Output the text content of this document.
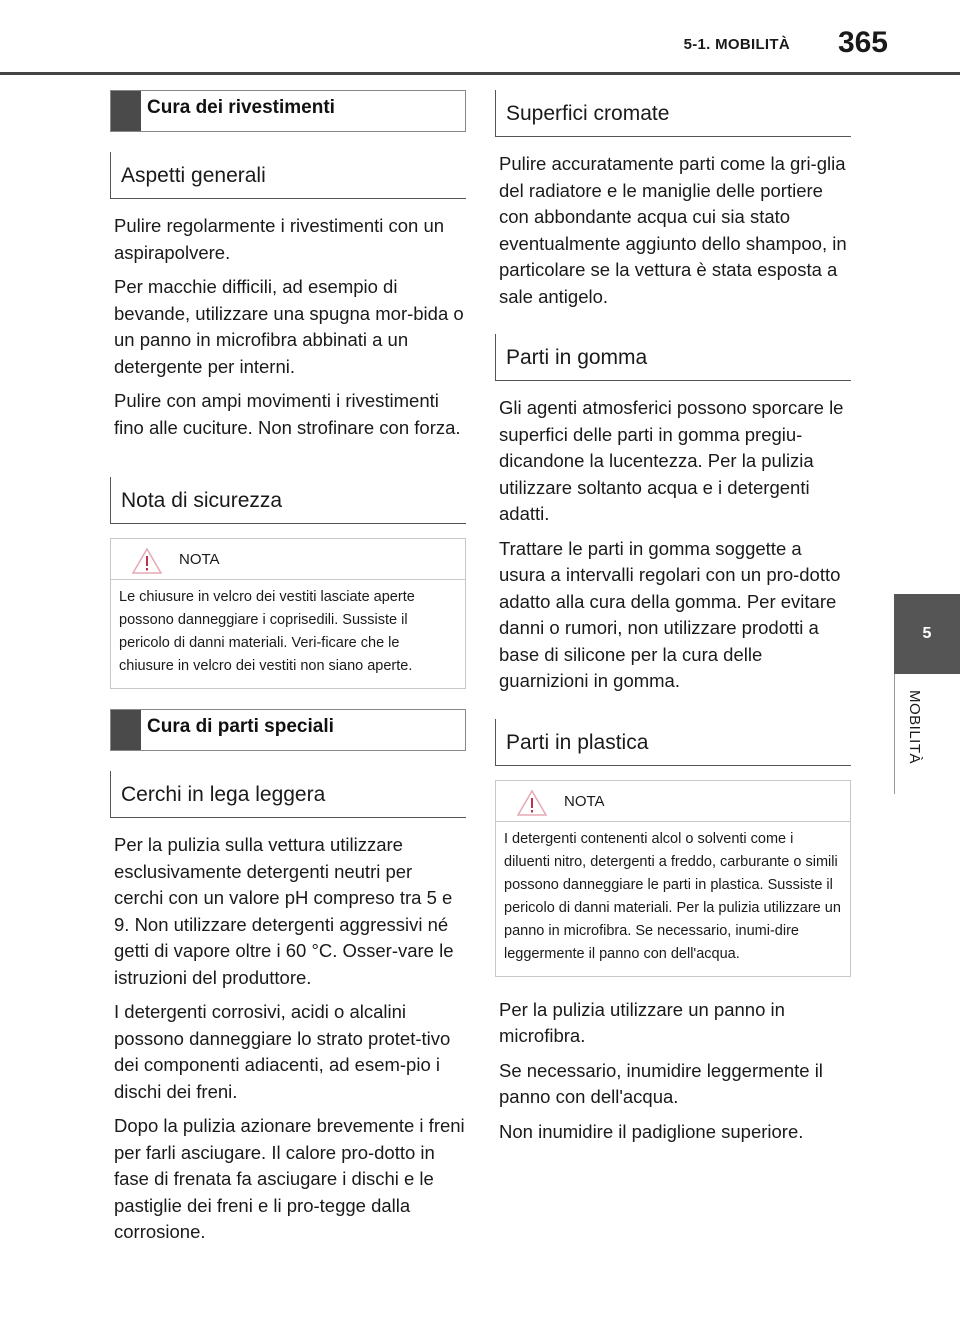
5-1. MOBILITÀ 365
5
MOBILITÀ
Cura dei rivestimenti
Aspetti generali

Pulire regolarmente i rivestimenti con un aspirapolvere.

Per macchie difficili, ad esempio di bevande, utilizzare una spugna mor-bida o un panno in microfibra abbinati a un detergente per interni.

Pulire con ampi movimenti i rivestimenti fino alle cuciture. Non strofinare con forza.

Nota di sicurezza
NOTA
Le chiusure in velcro dei vestiti lasciate aperte possono danneggiare i coprisedili. Sussiste il pericolo di danni materiali. Veri-ficare che le chiusure in velcro dei vestiti non siano aperte.
Cura di parti speciali
Cerchi in lega leggera

Per la pulizia sulla vettura utilizzare esclusivamente detergenti neutri per cerchi con un valore pH compreso tra 5 e 9. Non utilizzare detergenti aggressivi né getti di vapore oltre i 60 °C. Osser-vare le istruzioni del produttore.

I detergenti corrosivi, acidi o alcalini possono danneggiare lo strato protet-tivo dei componenti adiacenti, ad esem-pio i dischi dei freni.

Dopo la pulizia azionare brevemente i freni per farli asciugare. Il calore pro-dotto in fase di frenata fa asciugare i dischi e le pastiglie dei freni e li pro-tegge dalla corrosione.

Superfici cromate

Pulire accuratamente parti come la gri-glia del radiatore e le maniglie delle portiere con abbondante acqua cui sia stato eventualmente aggiunto dello shampoo, in particolare se la vettura è stata esposta a sale antigelo.

Parti in gomma

Gli agenti atmosferici possono sporcare le superfici delle parti in gomma pregiu-dicandone la lucentezza. Per la pulizia utilizzare soltanto acqua e i detergenti adatti.

Trattare le parti in gomma soggette a usura a intervalli regolari con un pro-dotto adatto alla cura della gomma. Per evitare danni o rumori, non utilizzare prodotti a base di silicone per la cura delle guarnizioni in gomma.

Parti in plastica
NOTA
I detergenti contenenti alcol o solventi come i diluenti nitro, detergenti a freddo, carburante o simili possono danneggiare le parti in plastica. Sussiste il pericolo di danni materiali. Per la pulizia utilizzare un panno in microfibra. Se necessario, inumi-dire leggermente il panno con dell'acqua.

Per la pulizia utilizzare un panno in microfibra.

Se necessario, inumidire leggermente il panno con dell'acqua.

Non inumidire il padiglione superiore.
